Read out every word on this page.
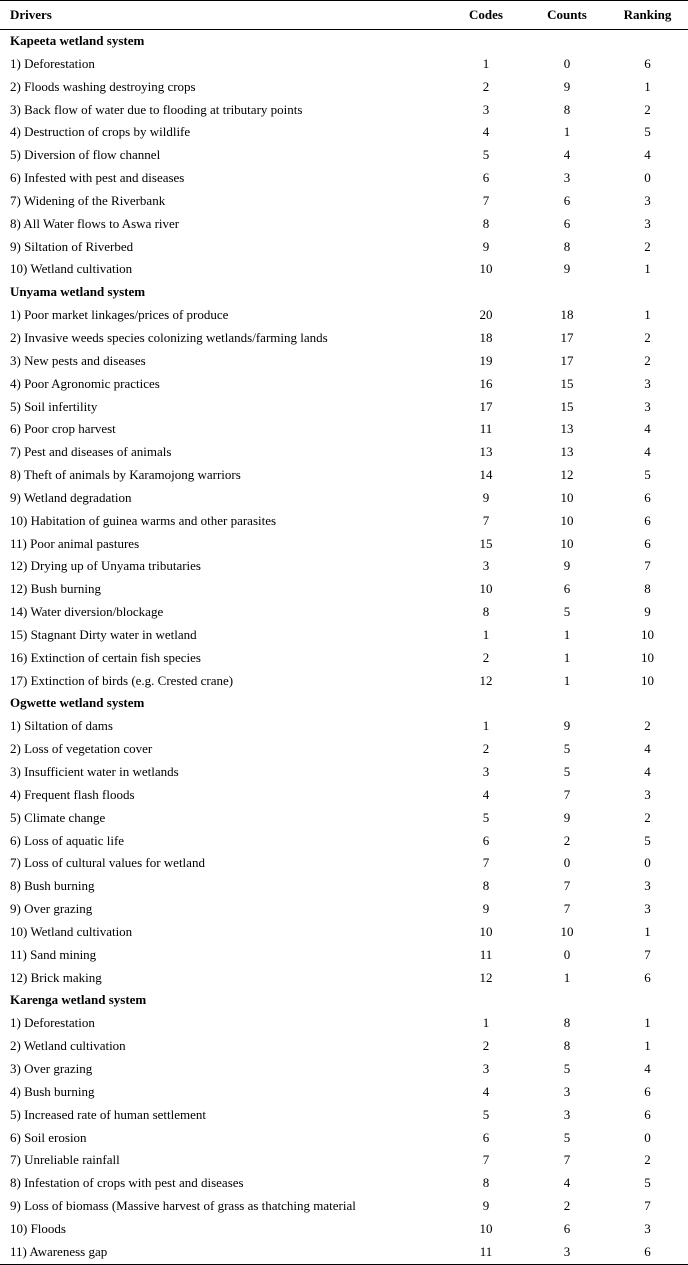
Drivers	Codes	Counts	Ranking
Kapeeta wetland system			
1) Deforestation	1	0	6
2) Floods washing destroying crops	2	9	1
3) Back flow of water due to flooding at tributary points	3	8	2
4) Destruction of crops by wildlife	4	1	5
5) Diversion of flow channel	5	4	4
6) Infested with pest and diseases	6	3	0
7) Widening of the Riverbank	7	6	3
8) All Water flows to Aswa river	8	6	3
9) Siltation of Riverbed	9	8	2
10) Wetland cultivation	10	9	1
Unyama wetland system			
1) Poor market linkages/prices of produce	20	18	1
2) Invasive weeds species colonizing wetlands/farming lands	18	17	2
3) New pests and diseases	19	17	2
4) Poor Agronomic practices	16	15	3
5) Soil infertility	17	15	3
6) Poor crop harvest	11	13	4
7) Pest and diseases of animals	13	13	4
8) Theft of animals by Karamojong warriors	14	12	5
9) Wetland degradation	9	10	6
10) Habitation of guinea warms and other parasites	7	10	6
11) Poor animal pastures	15	10	6
12) Drying up of Unyama tributaries	3	9	7
12) Bush burning	10	6	8
14) Water diversion/blockage	8	5	9
15) Stagnant Dirty water in wetland	1	1	10
16) Extinction of certain fish species	2	1	10
17) Extinction of birds (e.g. Crested crane)	12	1	10
Ogwette wetland system			
1) Siltation of dams	1	9	2
2) Loss of vegetation cover	2	5	4
3) Insufficient water in wetlands	3	5	4
4) Frequent flash floods	4	7	3
5) Climate change	5	9	2
6) Loss of aquatic life	6	2	5
7) Loss of cultural values for wetland	7	0	0
8) Bush burning	8	7	3
9) Over grazing	9	7	3
10) Wetland cultivation	10	10	1
11) Sand mining	11	0	7
12) Brick making	12	1	6
Karenga wetland system			
1) Deforestation	1	8	1
2) Wetland cultivation	2	8	1
3) Over grazing	3	5	4
4) Bush burning	4	3	6
5) Increased rate of human settlement	5	3	6
6) Soil erosion	6	5	0
7) Unreliable rainfall	7	7	2
8) Infestation of crops with pest and diseases	8	4	5
9) Loss of biomass (Massive harvest of grass as thatching material	9	2	7
10) Floods	10	6	3
11) Awareness gap	11	3	6
